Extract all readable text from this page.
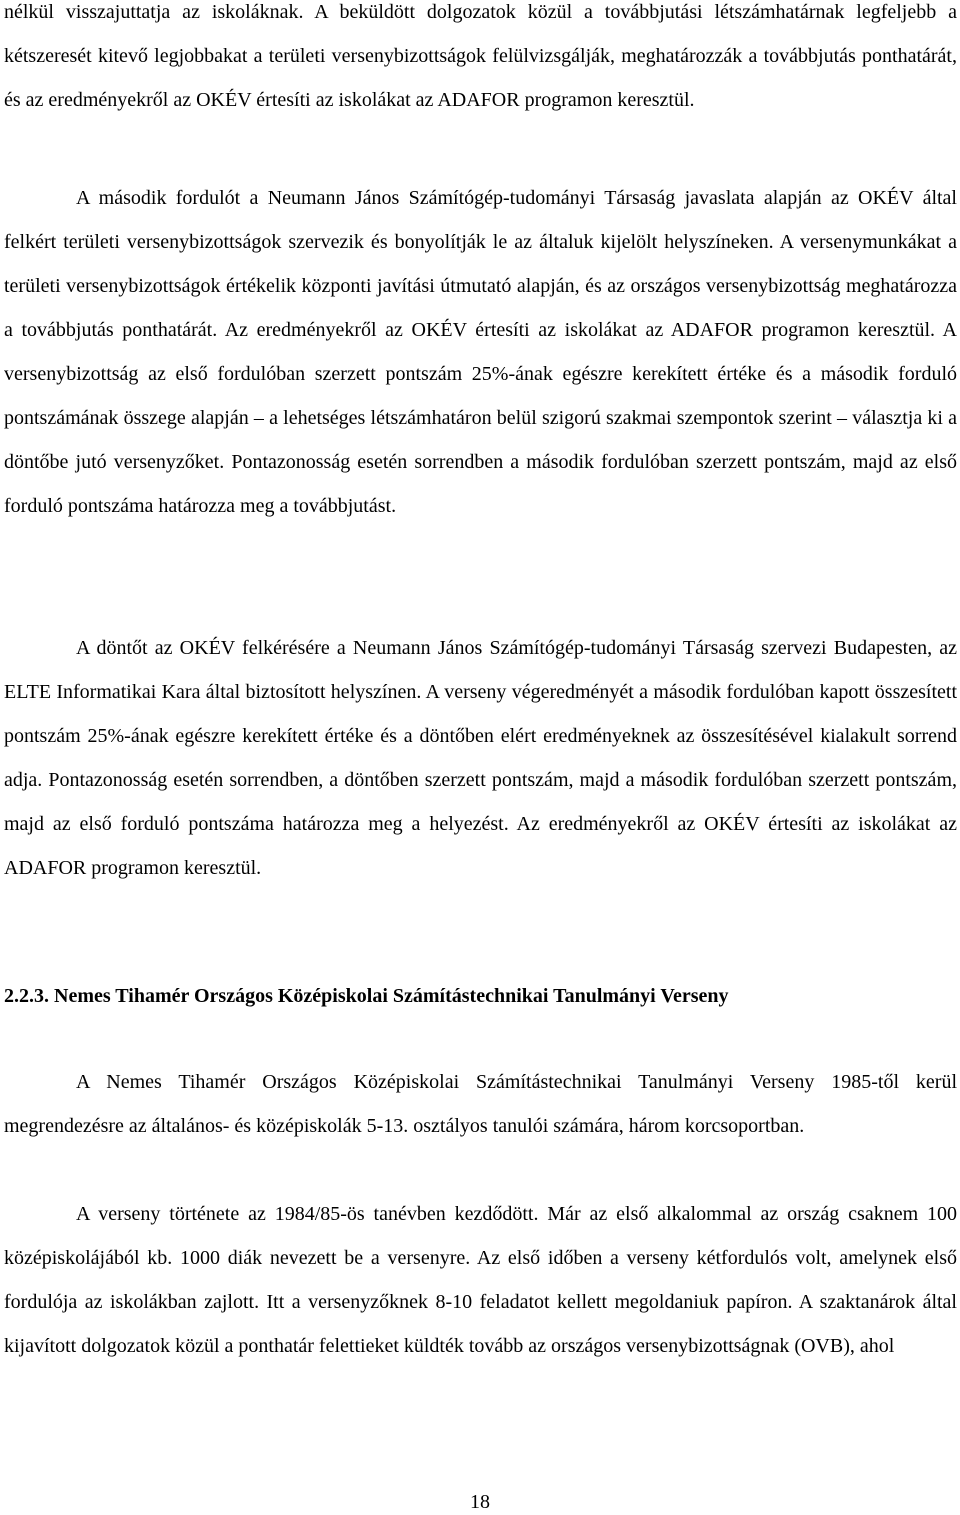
nélkül visszajuttatja az iskoláknak. A beküldött dolgozatok közül a továbbjutási létszámhatárnak legfeljebb a kétszeresét kitevő legjobbakat a területi versenybizottságok felülvizsgálják, meghatározzák a továbbjutás ponthatárát, és az eredményekről az OKÉV értesíti az iskolákat az ADAFOR programon keresztül.

A második fordulót a Neumann János Számítógép-tudományi Társaság javaslata alapján az OKÉV által felkért területi versenybizottságok szervezik és bonyolítják le az általuk kijelölt helyszíneken. A versenymunkákat a területi versenybizottságok értékelik központi javítási útmutató alapján, és az országos versenybizottság meghatározza a továbbjutás ponthatárát. Az eredményekről az OKÉV értesíti az iskolákat az ADAFOR programon keresztül. A versenybizottság az első fordulóban szerzett pontszám 25%-ának egészre kerekített értéke és a második forduló pontszámának összege alapján – a lehetséges létszámhatáron belül szigorú szakmai szempontok szerint – választja ki a döntőbe jutó versenyzőket. Pontazonosság esetén sorrendben a második fordulóban szerzett pontszám, majd az első forduló pontszáma határozza meg a továbbjutást.

A döntőt az OKÉV felkérésére a Neumann János Számítógép-tudományi Társaság szervezi Budapesten, az ELTE Informatikai Kara által biztosított helyszínen. A verseny végeredményét a második fordulóban kapott összesített pontszám 25%-ának egészre kerekített értéke és a döntőben elért eredményeknek az összesítésével kialakult sorrend adja. Pontazonosság esetén sorrendben, a döntőben szerzett pontszám, majd a második fordulóban szerzett pontszám, majd az első forduló pontszáma határozza meg a helyezést. Az eredményekről az OKÉV értesíti az iskolákat az ADAFOR programon keresztül.

2.2.3. Nemes Tihamér Országos Középiskolai Számítástechnikai Tanulmányi Verseny

A Nemes Tihamér Országos Középiskolai Számítástechnikai Tanulmányi Verseny 1985-től kerül megrendezésre az általános- és középiskolák 5-13. osztályos tanulói számára, három korcsoportban.

A verseny története az 1984/85-ös tanévben kezdődött. Már az első alkalommal az ország csaknem 100 középiskolájából kb. 1000 diák nevezett be a versenyre. Az első időben a verseny kétfordulós volt, amelynek első fordulója az iskolákban zajlott. Itt a versenyzőknek 8-10 feladatot kellett megoldaniuk papíron. A szaktanárok által kijavított dolgozatok közül a ponthatár felettieket küldték tovább az országos versenybizottságnak (OVB), ahol

18
